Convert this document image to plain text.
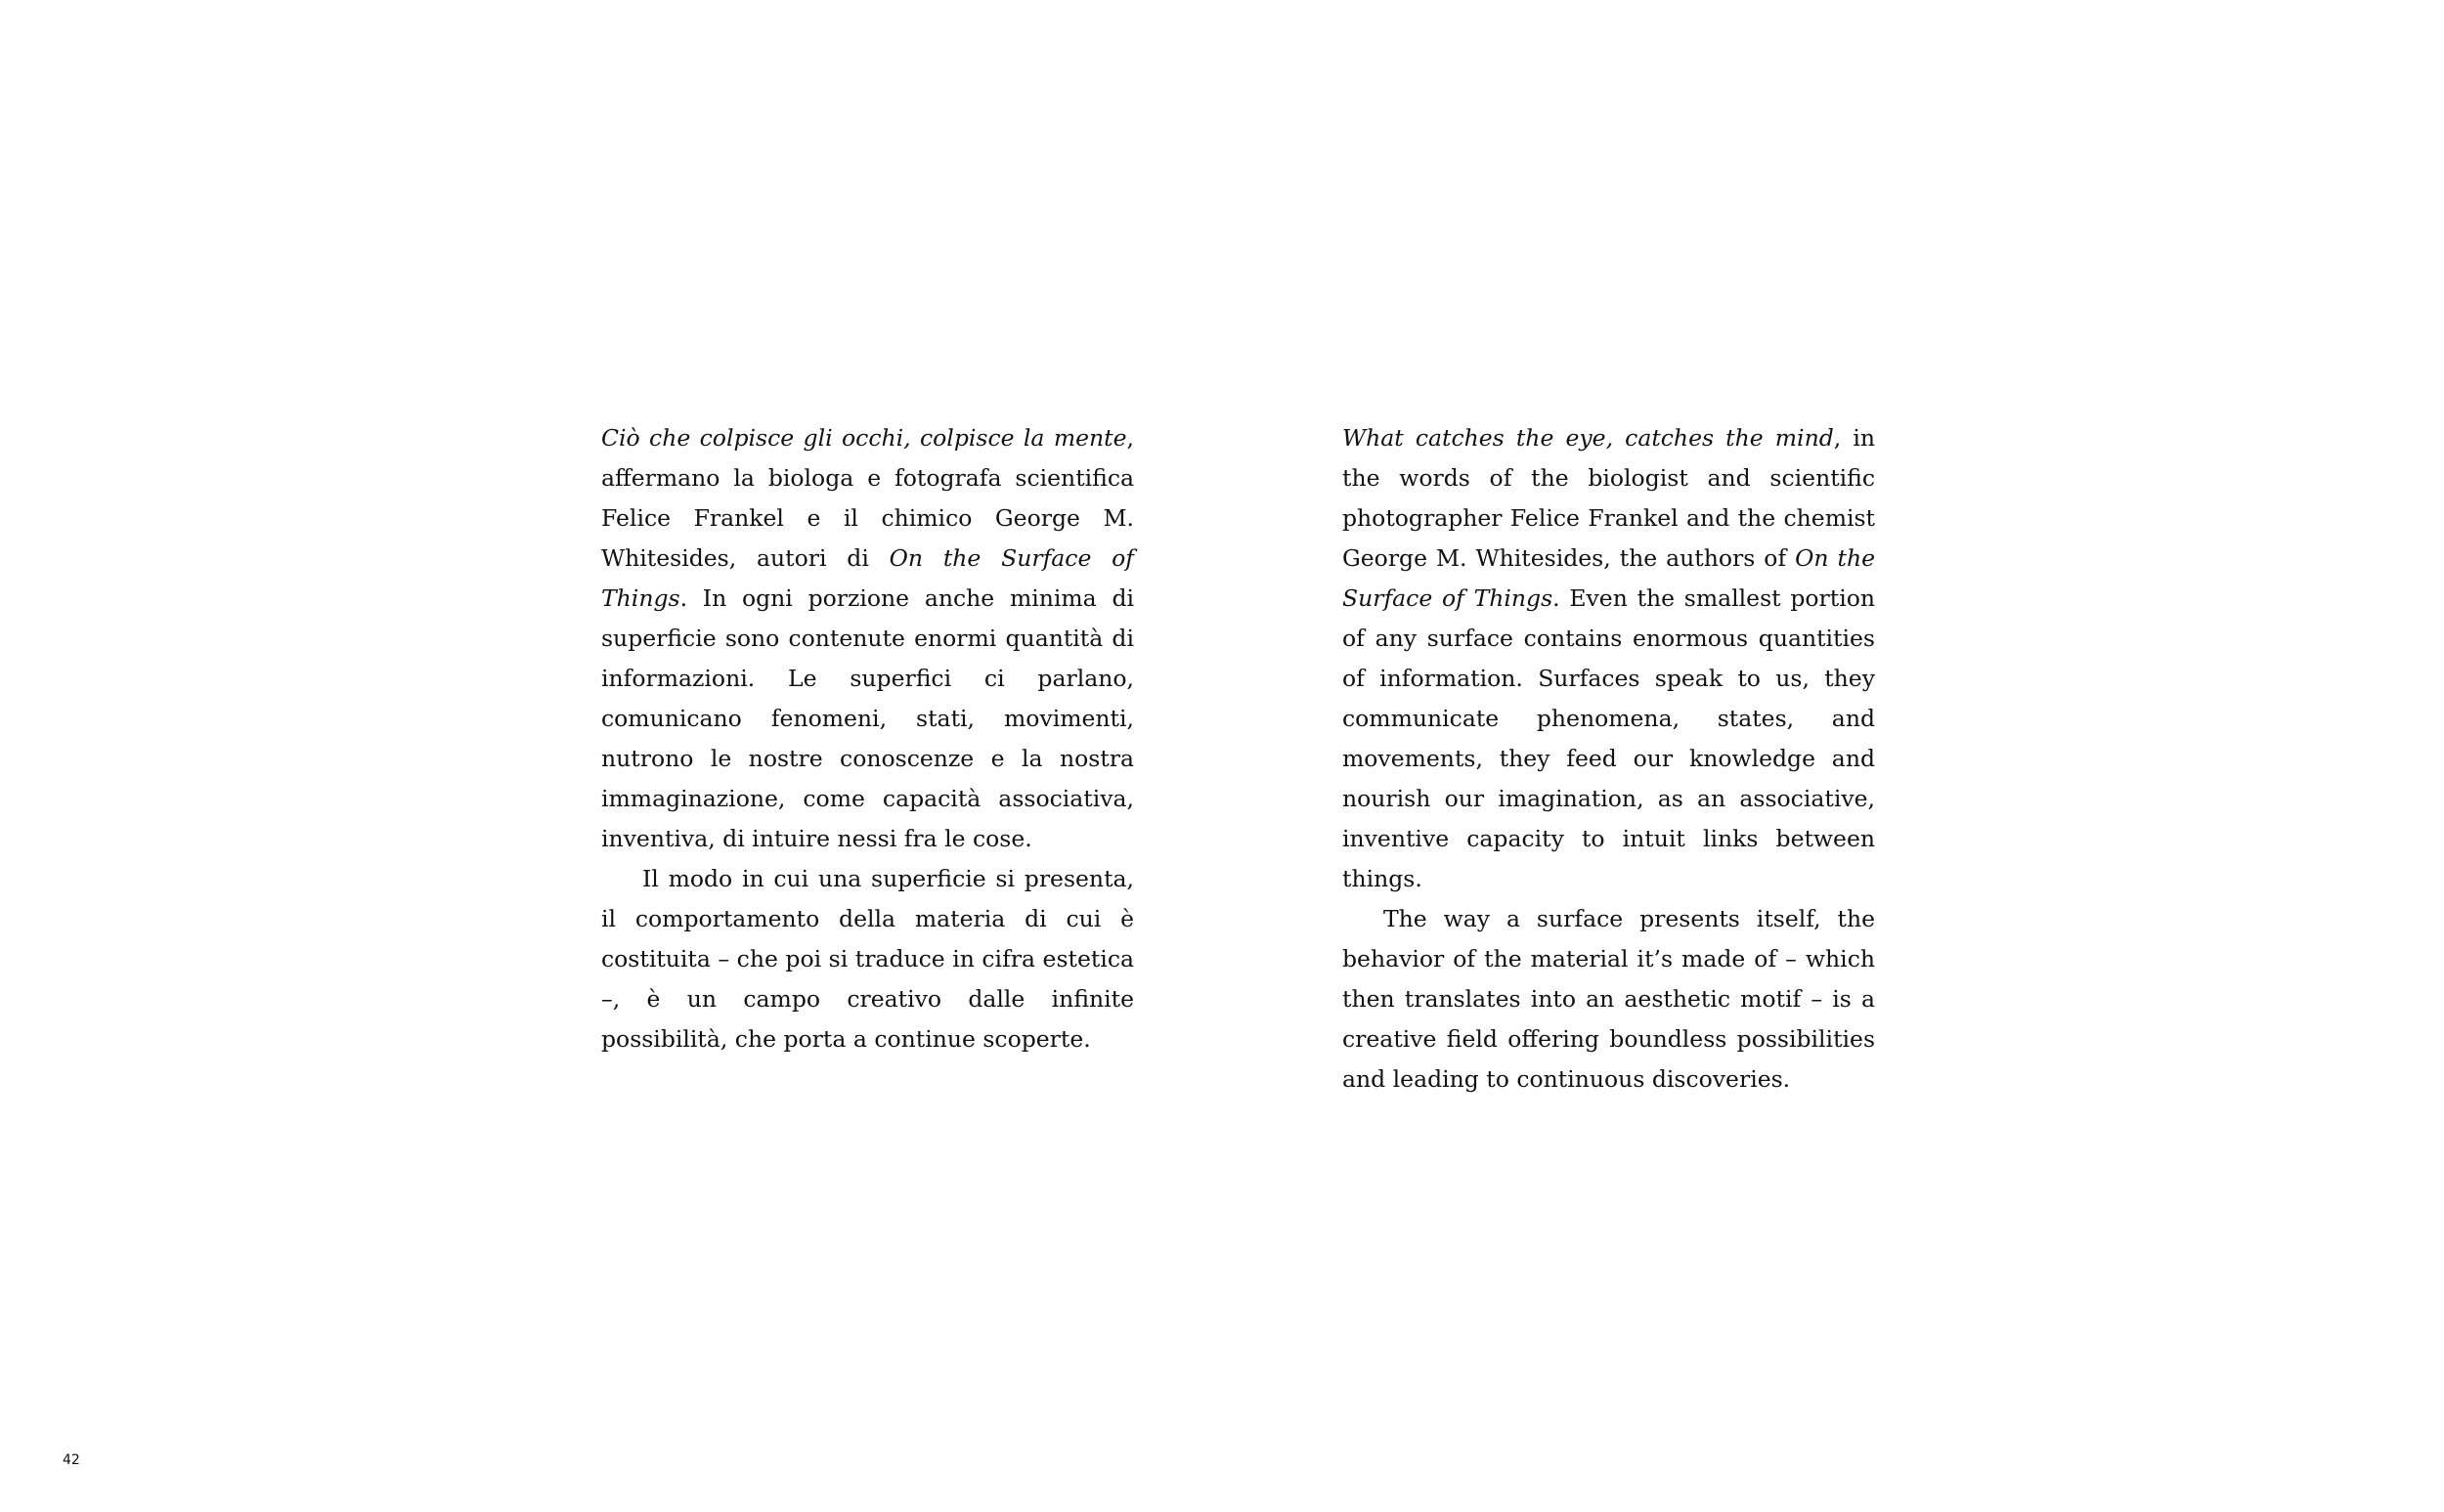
Ciò che colpisce gli occhi, colpisce la mente, affermano la biologa e fotografa scientifica Felice Frankel e il chimico George M. Whitesides, autori di On the Surface of Things. In ogni porzione anche minima di superficie sono contenute enormi quantità di informazioni. Le superfici ci parlano, comunicano fenomeni, stati, movimenti, nutrono le nostre conoscenze e la nostra immaginazione, come capacità associativa, inventiva, di intuire nessi fra le cose.

Il modo in cui una superficie si presenta, il comportamento della materia di cui è costituita – che poi si traduce in cifra estetica –, è un campo creativo dalle infinite possibilità, che porta a continue scoperte.

What catches the eye, catches the mind, in the words of the biologist and scientific photographer Felice Frankel and the chemist George M. Whitesides, the authors of On the Surface of Things. Even the smallest portion of any surface contains enormous quantities of information. Surfaces speak to us, they communicate phenomena, states, and movements, they feed our knowledge and nourish our imagination, as an associative, inventive capacity to intuit links between things.

The way a surface presents itself, the behavior of the material it’s made of – which then translates into an aesthetic motif – is a creative field offering boundless possibilities and leading to continuous discoveries.

42
